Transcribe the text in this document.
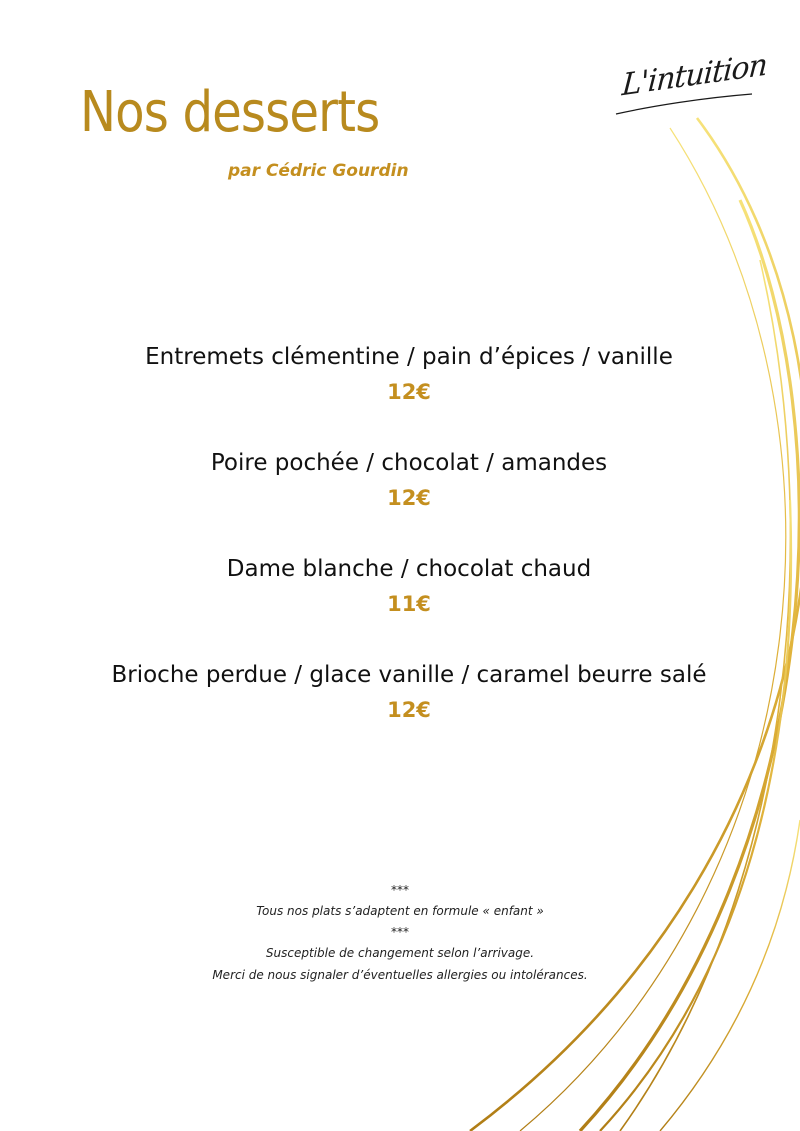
Nos desserts
par Cédric Gourdin
L'intuition
Entremets clémentine / pain d’épices / vanille
12€
Poire pochée / chocolat / amandes
12€
Dame blanche / chocolat chaud
11€
Brioche perdue / glace vanille / caramel beurre salé
12€
***
Tous nos plats s’adaptent en formule « enfant »
***
Susceptible de changement selon l’arrivage.
Merci de nous signaler d’éventuelles allergies ou intolérances.
